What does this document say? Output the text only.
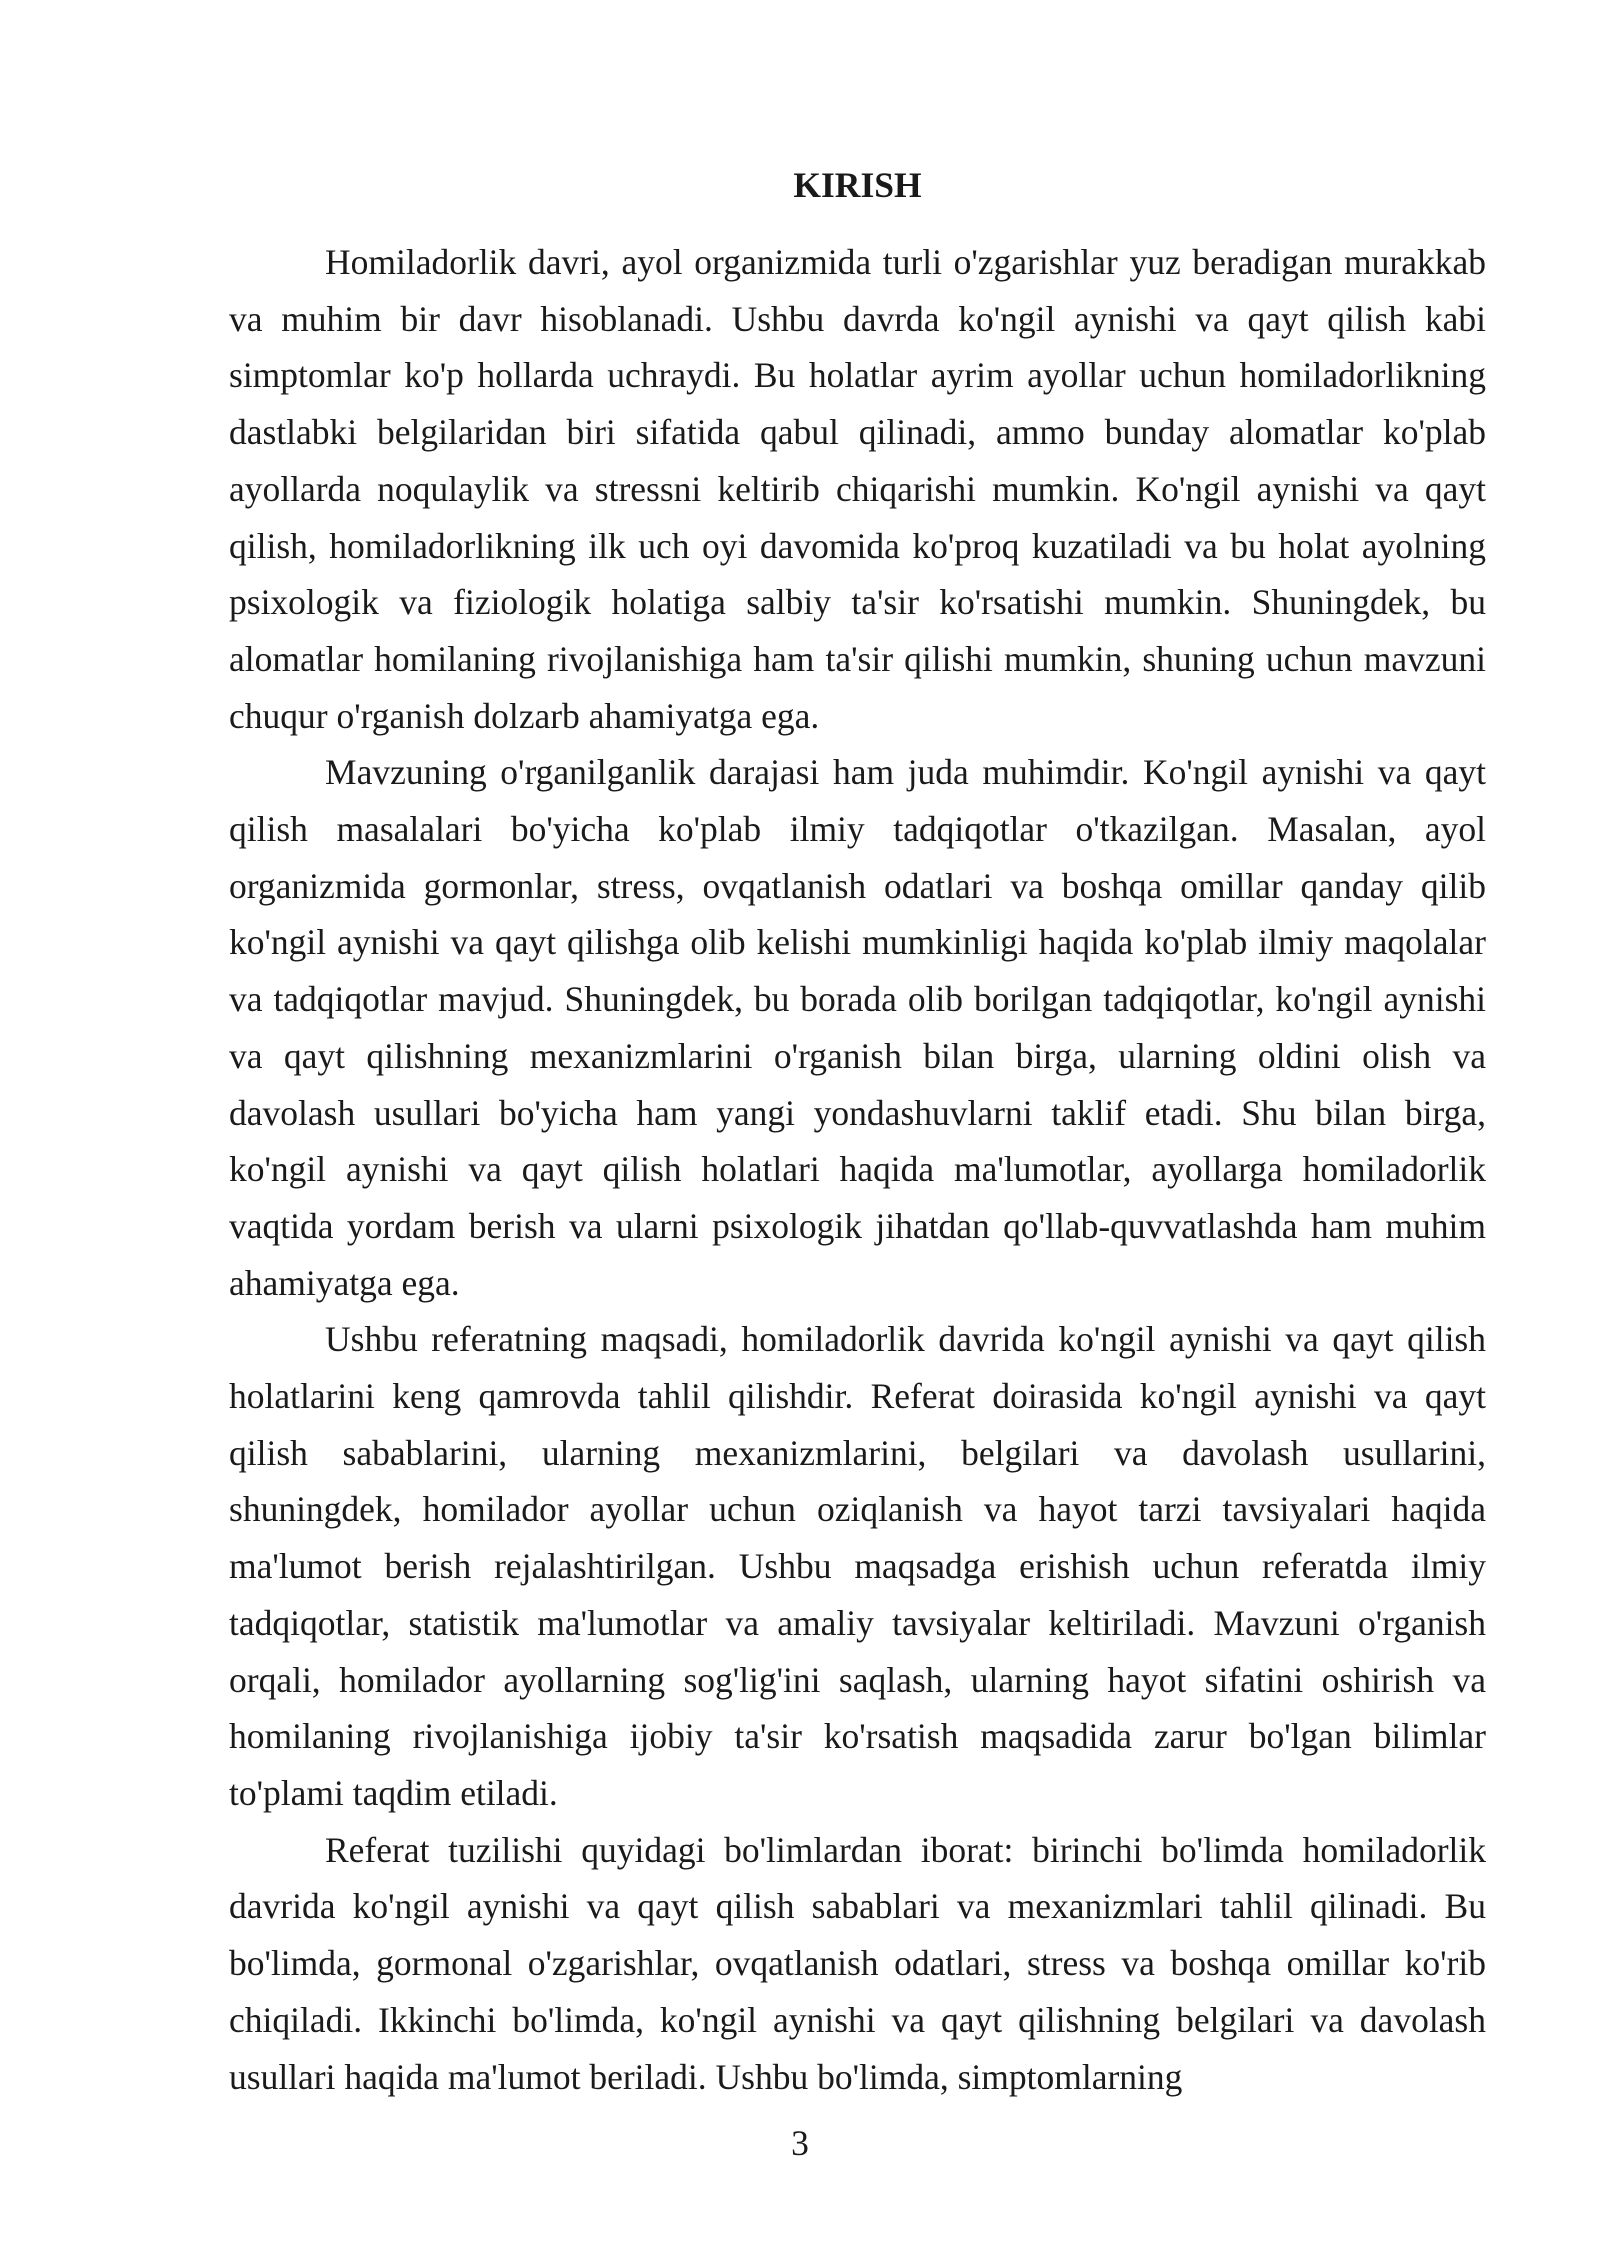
KIRISH

Homiladorlik davri, ayol organizmida turli o'zgarishlar yuz beradigan murakkab va muhim bir davr hisoblanadi. Ushbu davrda ko'ngil aynishi va qayt qilish kabi simptomlar ko'p hollarda uchraydi. Bu holatlar ayrim ayollar uchun homiladorlikning dastlabki belgilaridan biri sifatida qabul qilinadi, ammo bunday alomatlar ko'plab ayollarda noqulaylik va stressni keltirib chiqarishi mumkin. Ko'ngil aynishi va qayt qilish, homiladorlikning ilk uch oyi davomida ko'proq kuzatiladi va bu holat ayolning psixologik va fiziologik holatiga salbiy ta'sir ko'rsatishi mumkin. Shuningdek, bu alomatlar homilaning rivojlanishiga ham ta'sir qilishi mumkin, shuning uchun mavzuni chuqur o'rganish dolzarb ahamiyatga ega.

Mavzuning o'rganilganlik darajasi ham juda muhimdir. Ko'ngil aynishi va qayt qilish masalalari bo'yicha ko'plab ilmiy tadqiqotlar o'tkazilgan. Masalan, ayol organizmida gormonlar, stress, ovqatlanish odatlari va boshqa omillar qanday qilib ko'ngil aynishi va qayt qilishga olib kelishi mumkinligi haqida ko'plab ilmiy maqolalar va tadqiqotlar mavjud. Shuningdek, bu borada olib borilgan tadqiqotlar, ko'ngil aynishi va qayt qilishning mexanizmlarini o'rganish bilan birga, ularning oldini olish va davolash usullari bo'yicha ham yangi yondashuvlarni taklif etadi. Shu bilan birga, ko'ngil aynishi va qayt qilish holatlari haqida ma'lumotlar, ayollarga homiladorlik vaqtida yordam berish va ularni psixologik jihatdan qo'llab-quvvatlashda ham muhim ahamiyatga ega.

Ushbu referatning maqsadi, homiladorlik davrida ko'ngil aynishi va qayt qilish holatlarini keng qamrovda tahlil qilishdir. Referat doirasida ko'ngil aynishi va qayt qilish sabablarini, ularning mexanizmlarini, belgilari va davolash usullarini, shuningdek, homilador ayollar uchun oziqlanish va hayot tarzi tavsiyalari haqida ma'lumot berish rejalashtirilgan. Ushbu maqsadga erishish uchun referatda ilmiy tadqiqotlar, statistik ma'lumotlar va amaliy tavsiyalar keltiriladi. Mavzuni o'rganish orqali, homilador ayollarning sog'lig'ini saqlash, ularning hayot sifatini oshirish va homilaning rivojlanishiga ijobiy ta'sir ko'rsatish maqsadida zarur bo'lgan bilimlar to'plami taqdim etiladi.

Referat tuzilishi quyidagi bo'limlardan iborat: birinchi bo'limda homiladorlik davrida ko'ngil aynishi va qayt qilish sabablari va mexanizmlari tahlil qilinadi. Bu bo'limda, gormonal o'zgarishlar, ovqatlanish odatlari, stress va boshqa omillar ko'rib chiqiladi. Ikkinchi bo'limda, ko'ngil aynishi va qayt qilishning belgilari va davolash usullari haqida ma'lumot beriladi. Ushbu bo'limda, simptomlarning

3
